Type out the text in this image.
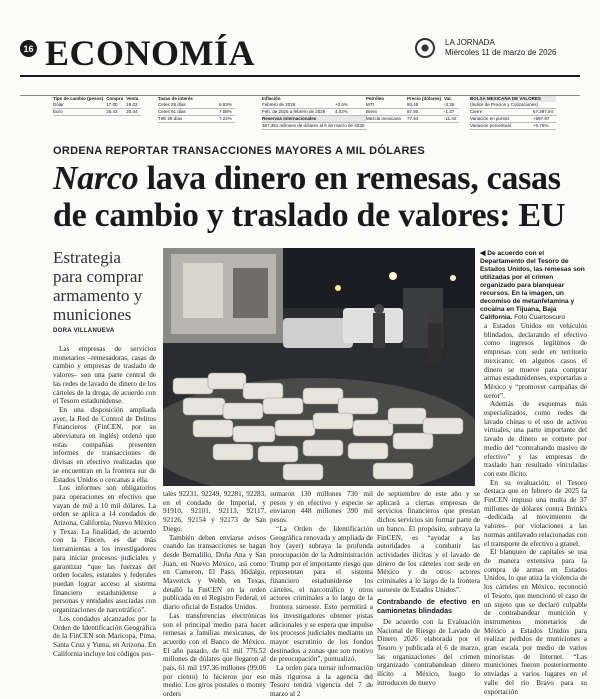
16 ECONOMÍA	LA JORNADA
Miércoles 11 de marzo de 2026
Tipo de cambio (pesos)	Compra	Venta
Dólar	17.00	18.02
Euro	20.43	20.44
Tasas de interés	
Cetes 28 días	6.93%
Cetes 91 días	7.08%
TIIE 28 días	7.22%
Inflación	
Febrero de 2026	+0.5%
Feb. de 2025 a febrero de 2026	4.02%
Reservas internacionales	
357,351 millones de dólares al 6 de marzo de 2026	
Petróleo	Precio (dólares)	Var.
WTI	93.45	-3.36
Brent	87.80	-1.37
Mezcla mexicana	77.94	-11.42
BOLSA MEXICANA DE VALORES	
(Índice de Precios y Cotizaciones)	
Cierre	67,397.94
Variación en puntos	+597.97
Variación porcentual	+0.76%
ORDENA REPORTAR TRANSACCIONES MAYORES A MIL DÓLARES
Narco lava dinero en remesas, casas de cambio y traslado de valores: EU
Estrategia para comprar armamento y municiones
DORA VILLANUEVA
◀ De acuerdo con el Departamento del Tesoro de Estados Unidos, las remesas son utilizadas por el crimen organizado para blanquear recursos. En la imagen, un decomiso de metanfetamina y cocaína en Tijuana, Baja California. Foto Cuartoscuro

Las empresas de servicios monetarios –remesadoras, casas de cambio y empresas de traslado de valores– son una parte central de las redes de lavado de dinero de los cárteles de la droga, de acuerdo con el Tesoro estadunidense.

En una disposición ampliada ayer, la Red de Control de Delitos Financieros (FinCEN, por su abreviatura en inglés) ordenó que estas compañías presenten informes de transacciones de divisas en efectivo realizadas que se encuentran en la frontera sur de Estados Unidos o cercanas a ella.

Los informes son obligatorios para operaciones en efectivo que vayan de mil a 10 mil dólares. La orden se aplica a 14 condados de Arizona, California, Nuevo México y Texas. La finalidad, de acuerdo con la Fincen, es dar más herramientas a los investigadores para iniciar procesos judiciales y garantizar “que las fuerzas del orden locales, estatales y federales puedan lograr acceso al sistema financiero estadunidense a personas y entidades asociadas con organizaciones de narcotráfico”.

Los condados alcanzados por la Orden de Identificación Geográfica de la FinCEN son Maricopa, Pima, Santa Cruz y Yuma, en Arizona. En California incluye los códigos pos-

tales 92231, 92249, 92281, 92283, en el condado de Imperial, y 91910, 92101, 92113, 92117, 92126, 92154 y 92173 de San Diego.

También deben enviarse avisos cuando las transacciones se hagan desde Bernalillo, Doña Ana y San Juan, en Nuevo México, así como en Cameron, El Paso, Hidalgo, Maverick y Webb, en Texas, detalló la FinCEN en la orden publicada en el Registro Federal, el diario oficial de Estados Unidos.

Las transferencias electrónicas son el principal medio para hacer remesas a familias mexicanas, de acuerdo con el Banco de México. El año pasado, de 61 mil 776.52 millones de dólares que llegaron al país, 61 mil 197.36 millones (99.06 por ciento) lo hicieron por ese medio. Los giros postales o money orders

sumaron 130 millones 730 mil pesos y en efectivo y especie se enviaron 448 millones 390 mil pesos.

“La Orden de Identificación Geográfica renovada y ampliada de hoy (ayer) subraya la profunda preocupación de la Administración Trump por el importante riesgo que representan para el sistema financiero estadunidense los cárteles, el narcotráfico y otros actores criminales a lo largo de la frontera suroeste. Esto permitirá a los investigadores obtener pistas adicionales y se espera que impulse los procesos judiciales mediante un mayor escrutinio de los fondos destinados a zonas que son motivo de preocupación”, puntualizó.

La orden para turnar información más rigurosa a la agencia del Tesoro tendrá vigencia del 7 de marzo al 2

de septiembre de este año y se aplicará a ciertas empresas de servicios financieros que prestan dichos servicios sin formar parte de un banco. El propósito, subraya la FinCEN, es “ayudar a las autoridades a combatir las actividades ilícitas y el lavado de dinero de los cárteles con sede en México y de otros actores criminales a lo largo de la frontera suroeste de Estados Unidos”.

Contrabando de efectivo en camionetas blindadas

De acuerdo con la Evaluación Nacional de Riesgo de Lavado de Dinero 2026 elaborada por el Tesoro y publicada el 6 de marzo, las organizaciones del crimen organizado contrabandean dinero ilícito a México, luego lo introducen de nuevo

a Estados Unidos en vehículos blindados, declarando el efectivo como ingresos legítimos de empresas con sede en territorio mexicano; en algunos casos el dinero se mueve para comprar armas estadunidenses, exportarlas a México y “promover campañas de terror”.

Además de esquemas más especializados, como redes de lavado chinas o el uso de activos virtuales, una parte importante del lavado de dinero se comete por medio del “contrabando masivo de efectivo” y las empresas de traslado han resultado vinculadas con este ilícito.

En su evaluación, el Tesoro destaca que en febrero de 2025 la FinCEN impuso una multa de 37 millones de dólares contra Brink's –dedicada al movimiento de valores– por violaciones a las normas antilavado relacionadas con el transporte de efectivo a granel.

El blanqueo de capitales se usa de manera extensiva para la compra de armas en Estados Unidos, lo que atiza la violencia de los cárteles en México, reconoció el Tesoro, que mencionó el caso de un sujeto que se declaró culpable de contrabandear munición y instrumentos monetarios de México a Estados Unidos para realizar pedidos de municiones a gran escala por medio de varios minoristas de Internet. “Las municiones fueron posteriormente enviadas a varios lugares en el valle del río Bravo para su exportación
